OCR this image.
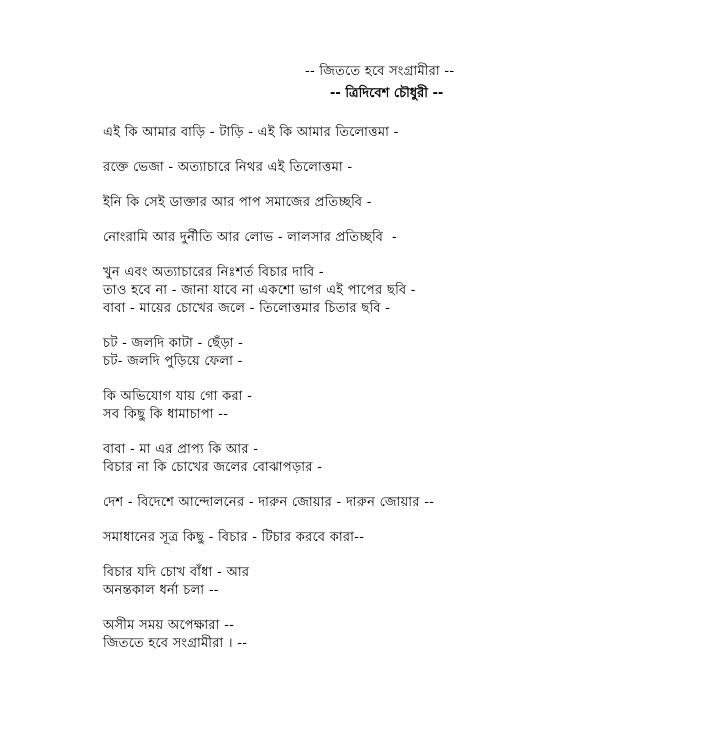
-- জিততে হবে সংগ্রামীরা --
-- ত্রিদিবেশ চৌধুরী --
এই কি আমার বাড়ি - টাড়ি - এই কি আমার তিলোত্তমা -
রক্তে ভেজা - অত্যাচারে নিথর এই তিলোত্তমা -
ইনি কি সেই ডাক্তার আর পাপ সমাজের প্রতিচ্ছবি -
নোংরামি আর দুর্নীতি আর লোভ - লালসার প্রতিচ্ছবি  -
খুন এবং অত্যাচারের নিঃশর্ত বিচার দাবি -
তাও হবে না - জানা যাবে না একশো ভাগ এই পাপের ছবি -
বাবা - মায়ের চোখের জলে - তিলোত্তমার চিতার ছবি -
চট - জলদি কাটা - ছেঁড়া -
চট- জলদি পুড়িয়ে ফেলা -
কি অভিযোগ যায় গো করা -
সব কিছু কি ধামাচাপা --
বাবা - মা এর প্রাপ্য কি আর -
বিচার না কি চোখের জলের বোঝাপড়ার -
দেশ - বিদেশে আন্দোলনের - দারুন জোয়ার - দারুন জোয়ার --
সমাধানের সূত্র কিছু - বিচার - টিচার করবে কারা--
বিচার যদি চোখ বাঁধা - আর
অনন্তকাল ধর্না চলা --
অসীম সময় অপেক্ষারা --
জিততে হবে সংগ্রামীরা । --
